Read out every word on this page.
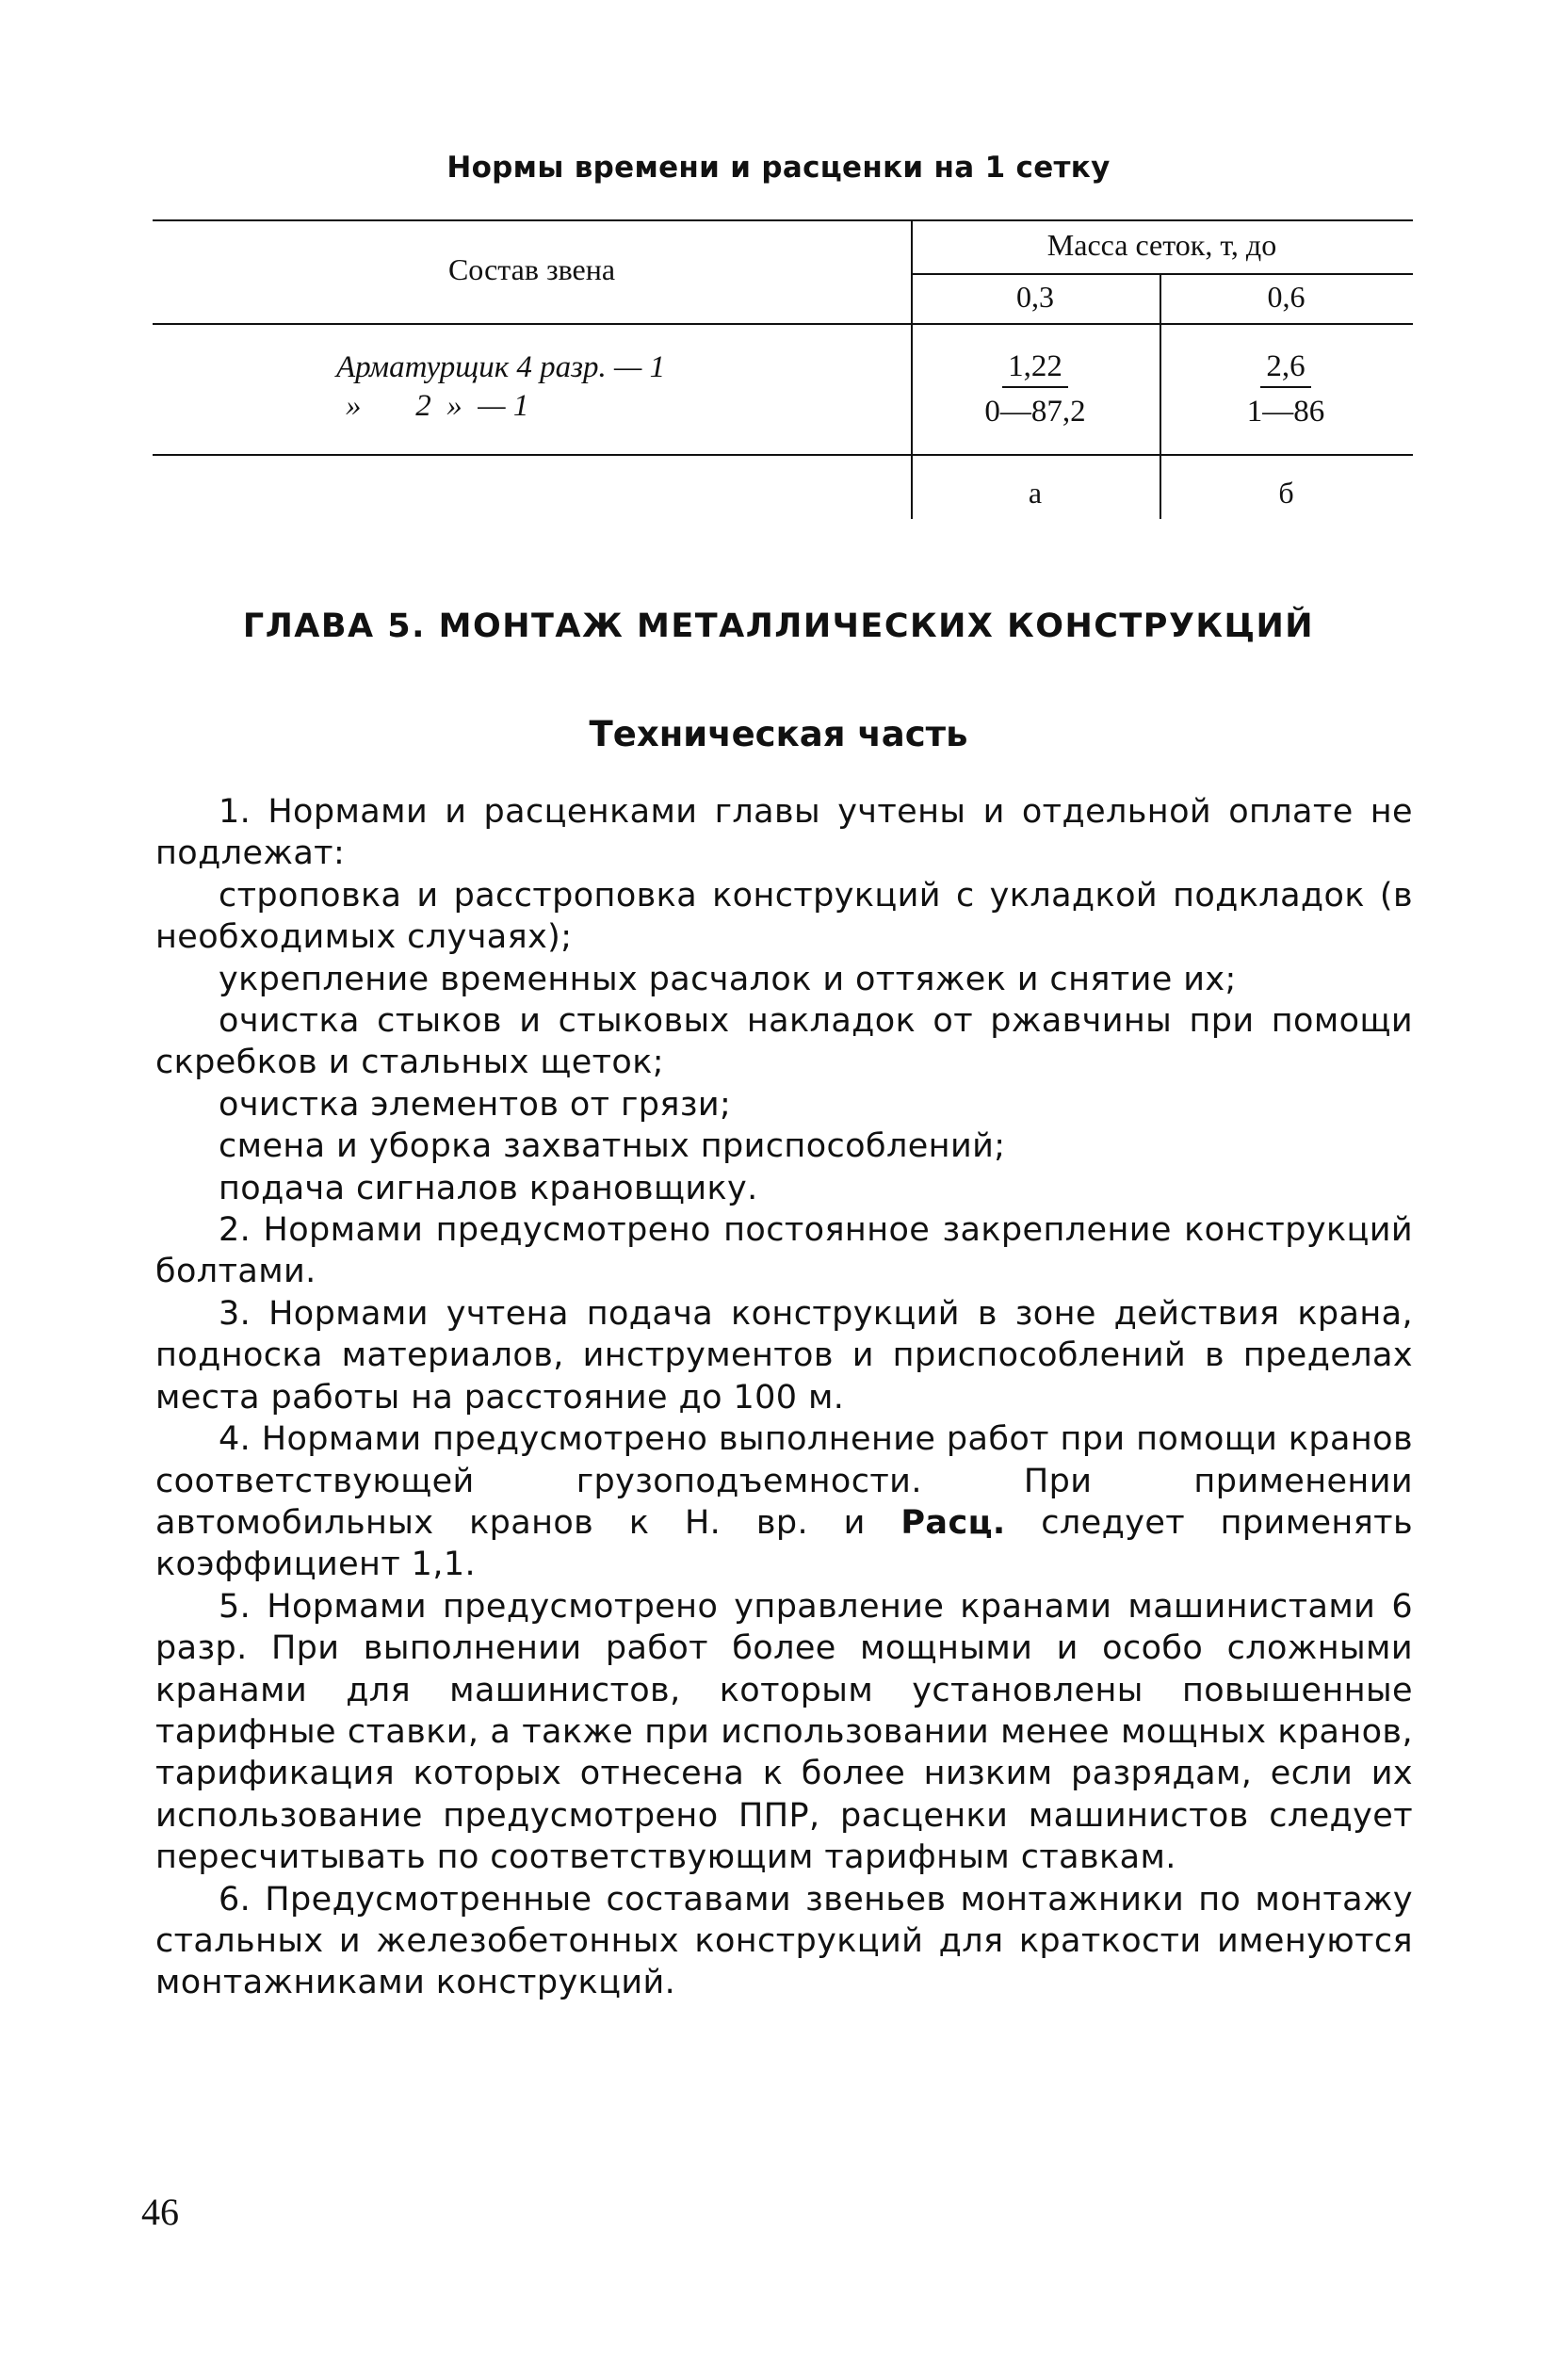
Нормы времени и расценки на 1 сетку
Состав звена
Масса сеток, т, до
0,3	0,6
Арматурщик 4 разр. — 1
»       2  »  — 1	$\frac{1,22}{0—87,2}$	$\frac{2,6}{1—86}$
а	б
ГЛАВА 5. МОНТАЖ МЕТАЛЛИЧЕСКИХ КОНСТРУКЦИЙ
Техническая часть

1. Нормами и расценками главы учтены и отдельной оплате не подлежат:

строповка и расстроповка конструкций с укладкой подкладок (в необходимых случаях);

укрепление временных расчалок и оттяжек и снятие их;

очистка стыков и стыковых накладок от ржавчины при помощи скребков и стальных щеток;

очистка элементов от грязи;

смена и уборка захватных приспособлений;

подача сигналов крановщику.

2. Нормами предусмотрено постоянное закрепление конструкций болтами.

3. Нормами учтена подача конструкций в зоне действия крана, подноска материалов, инструментов и приспособлений в пределах места работы на расстояние до 100 м.

4. Нормами предусмотрено выполнение работ при помощи кранов соответствующей грузоподъемности. При применении автомобильных кранов к Н. вр. и Расц. следует применять коэффициент 1,1.

5. Нормами предусмотрено управление кранами машинистами 6 разр. При выполнении работ более мощными и особо сложными кранами для машинистов, которым установлены повышенные тарифные ставки, а также при использовании менее мощных кранов, тарификация которых отнесена к более низким разрядам, если их использование предусмотрено ППР, расценки машинистов следует пересчитывать по соответствующим тарифным ставкам.

6. Предусмотренные составами звеньев монтажники по монтажу стальных и железобетонных конструкций для краткости именуются монтажниками конструкций.

46
